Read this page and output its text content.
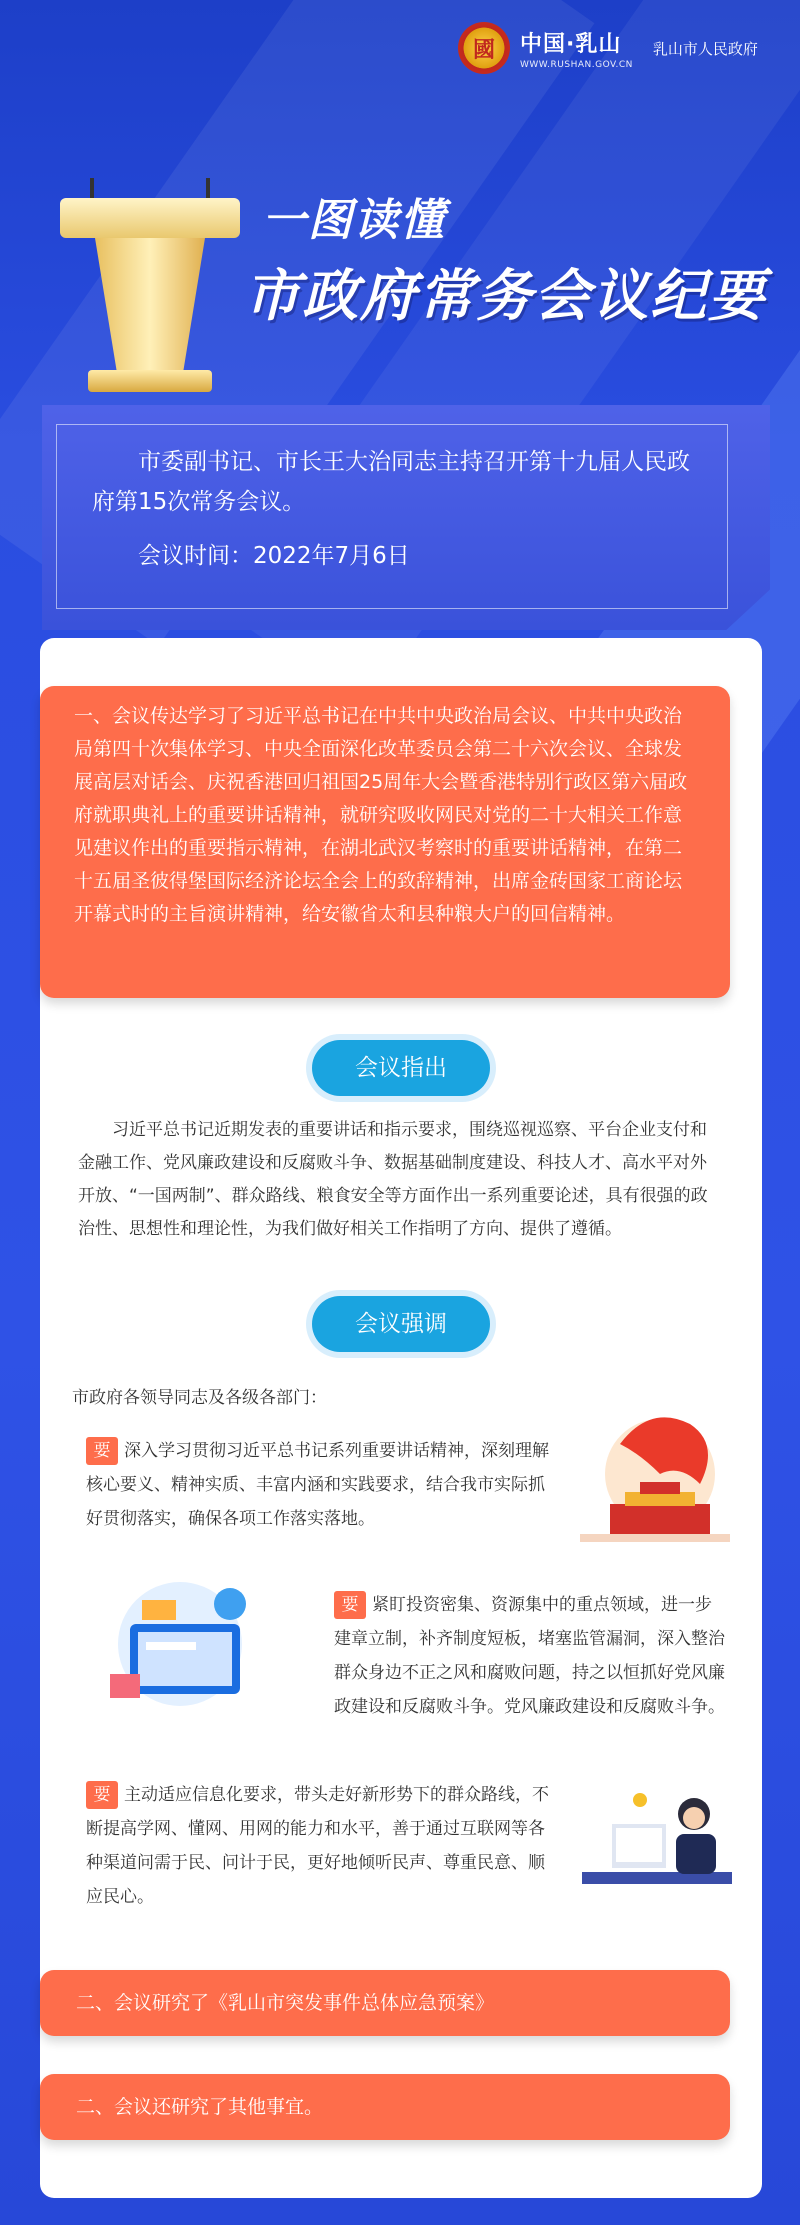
國 中国·乳山
WWW.RUSHAN.GOV.CN
乳山市人民政府
一图读懂
市政府常务会议纪要

市委副书记、市长王大治同志主持召开第十九届人民政府第15次常务会议。

会议时间：2022年7月6日

一、会议传达学习了习近平总书记在中共中央政治局会议、中共中央政治局第四十次集体学习、中央全面深化改革委员会第二十六次会议、全球发展高层对话会、庆祝香港回归祖国25周年大会暨香港特别行政区第六届政府就职典礼上的重要讲话精神，就研究吸收网民对党的二十大相关工作意见建议作出的重要指示精神，在湖北武汉考察时的重要讲话精神，在第二十五届圣彼得堡国际经济论坛全会上的致辞精神，出席金砖国家工商论坛开幕式时的主旨演讲精神，给安徽省太和县种粮大户的回信精神。
会议指出
习近平总书记近期发表的重要讲话和指示要求，围绕巡视巡察、平台企业支付和金融工作、党风廉政建设和反腐败斗争、数据基础制度建设、科技人才、高水平对外开放、“一国两制”、群众路线、粮食安全等方面作出一系列重要论述，具有很强的政治性、思想性和理论性，为我们做好相关工作指明了方向、提供了遵循。
会议强调
市政府各领导同志及各级各部门：
要 深入学习贯彻习近平总书记系列重要讲话精神，深刻理解核心要义、精神实质、丰富内涵和实践要求，结合我市实际抓好贯彻落实，确保各项工作落实落地。
要 紧盯投资密集、资源集中的重点领域，进一步建章立制，补齐制度短板，堵塞监管漏洞，深入整治群众身边不正之风和腐败问题，持之以恒抓好党风廉政建设和反腐败斗争。党风廉政建设和反腐败斗争。
要 主动适应信息化要求，带头走好新形势下的群众路线，不断提高学网、懂网、用网的能力和水平，善于通过互联网等各种渠道问需于民、问计于民，更好地倾听民声、尊重民意、顺应民心。
二、会议研究了《乳山市突发事件总体应急预案》
二、会议还研究了其他事宜。
